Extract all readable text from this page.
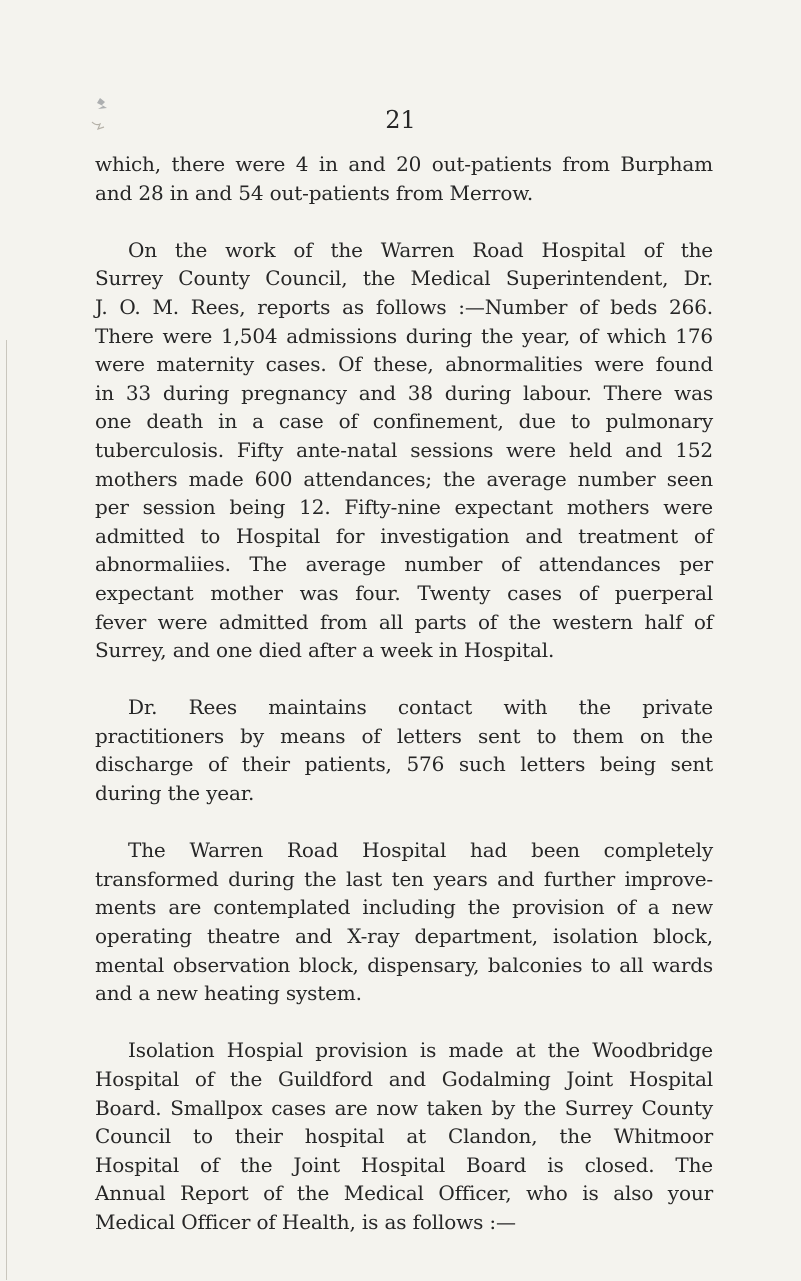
21

which, there were 4 in and 20 out-patients from Burpham
and 28 in and 54 out-patients from Merrow.

On the work of the Warren Road Hospital of the
Surrey County Council, the Medical Superintendent, Dr.
J. O. M. Rees, reports as follows :—Number of beds 266.
There were 1,504 admissions during the year, of which 176
were maternity cases. Of these, abnormalities were found
in 33 during pregnancy and 38 during labour. There was
one death in a case of confinement, due to pulmonary
tuberculosis. Fifty ante-natal sessions were held and 152
mothers made 600 attendances; the average number seen
per session being 12. Fifty-nine expectant mothers were
admitted to Hospital for investigation and treatment of
abnormaliies. The average number of attendances per
expectant mother was four. Twenty cases of puerperal
fever were admitted from all parts of the western half of
Surrey, and one died after a week in Hospital.

Dr. Rees maintains contact with the private
practitioners by means of letters sent to them on the
discharge of their patients, 576 such letters being sent
during the year.

The Warren Road Hospital had been completely
transformed during the last ten years and further improve-
ments are contemplated including the provision of a new
operating theatre and X-ray department, isolation block,
mental observation block, dispensary, balconies to all wards
and a new heating system.

Isolation Hospial provision is made at the Woodbridge
Hospital of the Guildford and Godalming Joint Hospital
Board. Smallpox cases are now taken by the Surrey County
Council to their hospital at Clandon, the Whitmoor
Hospital of the Joint Hospital Board is closed. The
Annual Report of the Medical Officer, who is also your
Medical Officer of Health, is as follows :—
